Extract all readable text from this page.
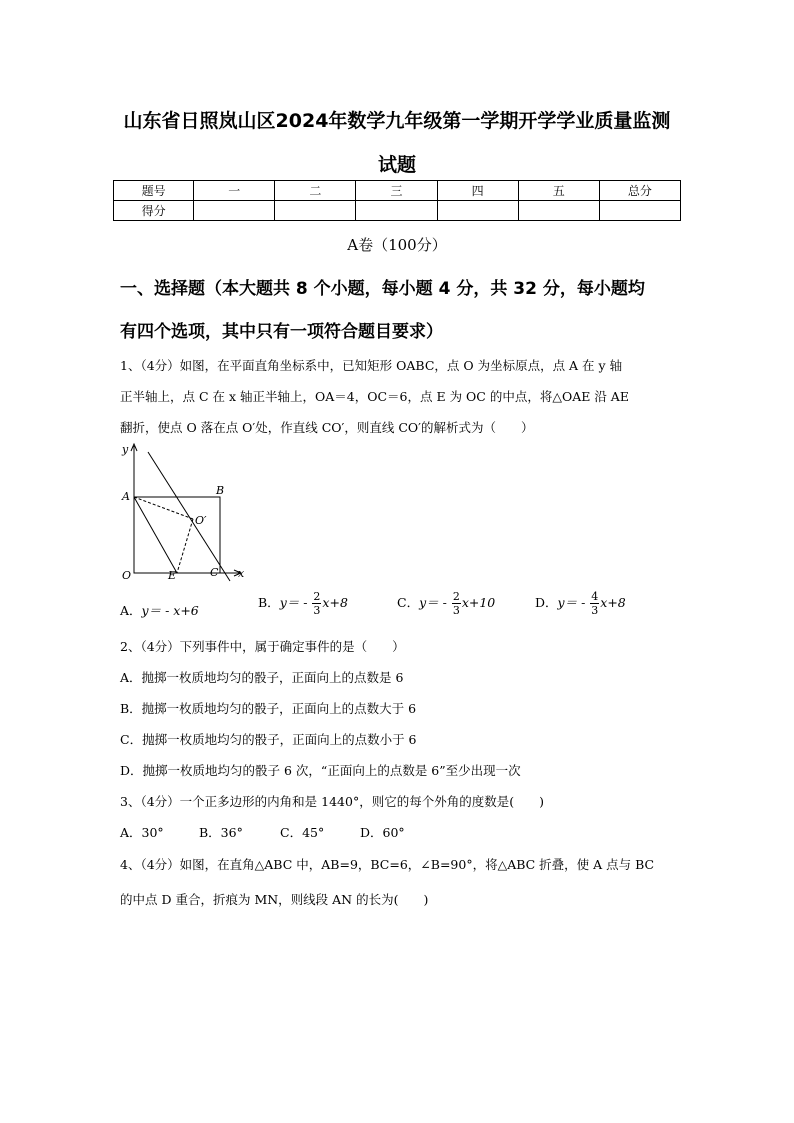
山东省日照岚山区2024年数学九年级第一学期开学学业质量监测
试题
题号	一	二	三	四	五	总分
得分						
A卷（100分）
一、选择题（本大题共 8 个小题，每小题 4 分，共 32 分，每小题均
有四个选项，其中只有一项符合题目要求）
1、（4分）如图，在平面直角坐标系中，已知矩形 OABC，点 O 为坐标原点，点 A 在 y 轴
正半轴上，点 C 在 x 轴正半轴上，OA＝4，OC＝6，点 E 为 OC 的中点，将△OAE 沿 AE
翻折，使点 O 落在点 O′处，作直线 CO′，则直线 CO′的解析式为（　　）
y
x
A	B
O′
O	E	C
A．y＝ - x+6
B．$y= - \frac{2}{3} x+8$	C．$y= - \frac{2}{3} x+10$	D．$y= - \frac{4}{3} x+8$
2、（4分）下列事件中，属于确定事件的是（　　）
A．抛掷一枚质地均匀的骰子，正面向上的点数是 6
B．抛掷一枚质地均匀的骰子，正面向上的点数大于 6
C．抛掷一枚质地均匀的骰子，正面向上的点数小于 6
D．抛掷一枚质地均匀的骰子 6 次，“正面向上的点数是 6”至少出现一次
3、（4分）一个正多边形的内角和是 1440°，则它的每个外角的度数是(　　)
A．30°	B．36°	C．45°	D．60°
4、（4分）如图，在直角△ABC 中，AB=9，BC=6，∠B=90°，将△ABC 折叠，使 A 点与 BC
的中点 D 重合，折痕为 MN，则线段 AN 的长为(　　)
